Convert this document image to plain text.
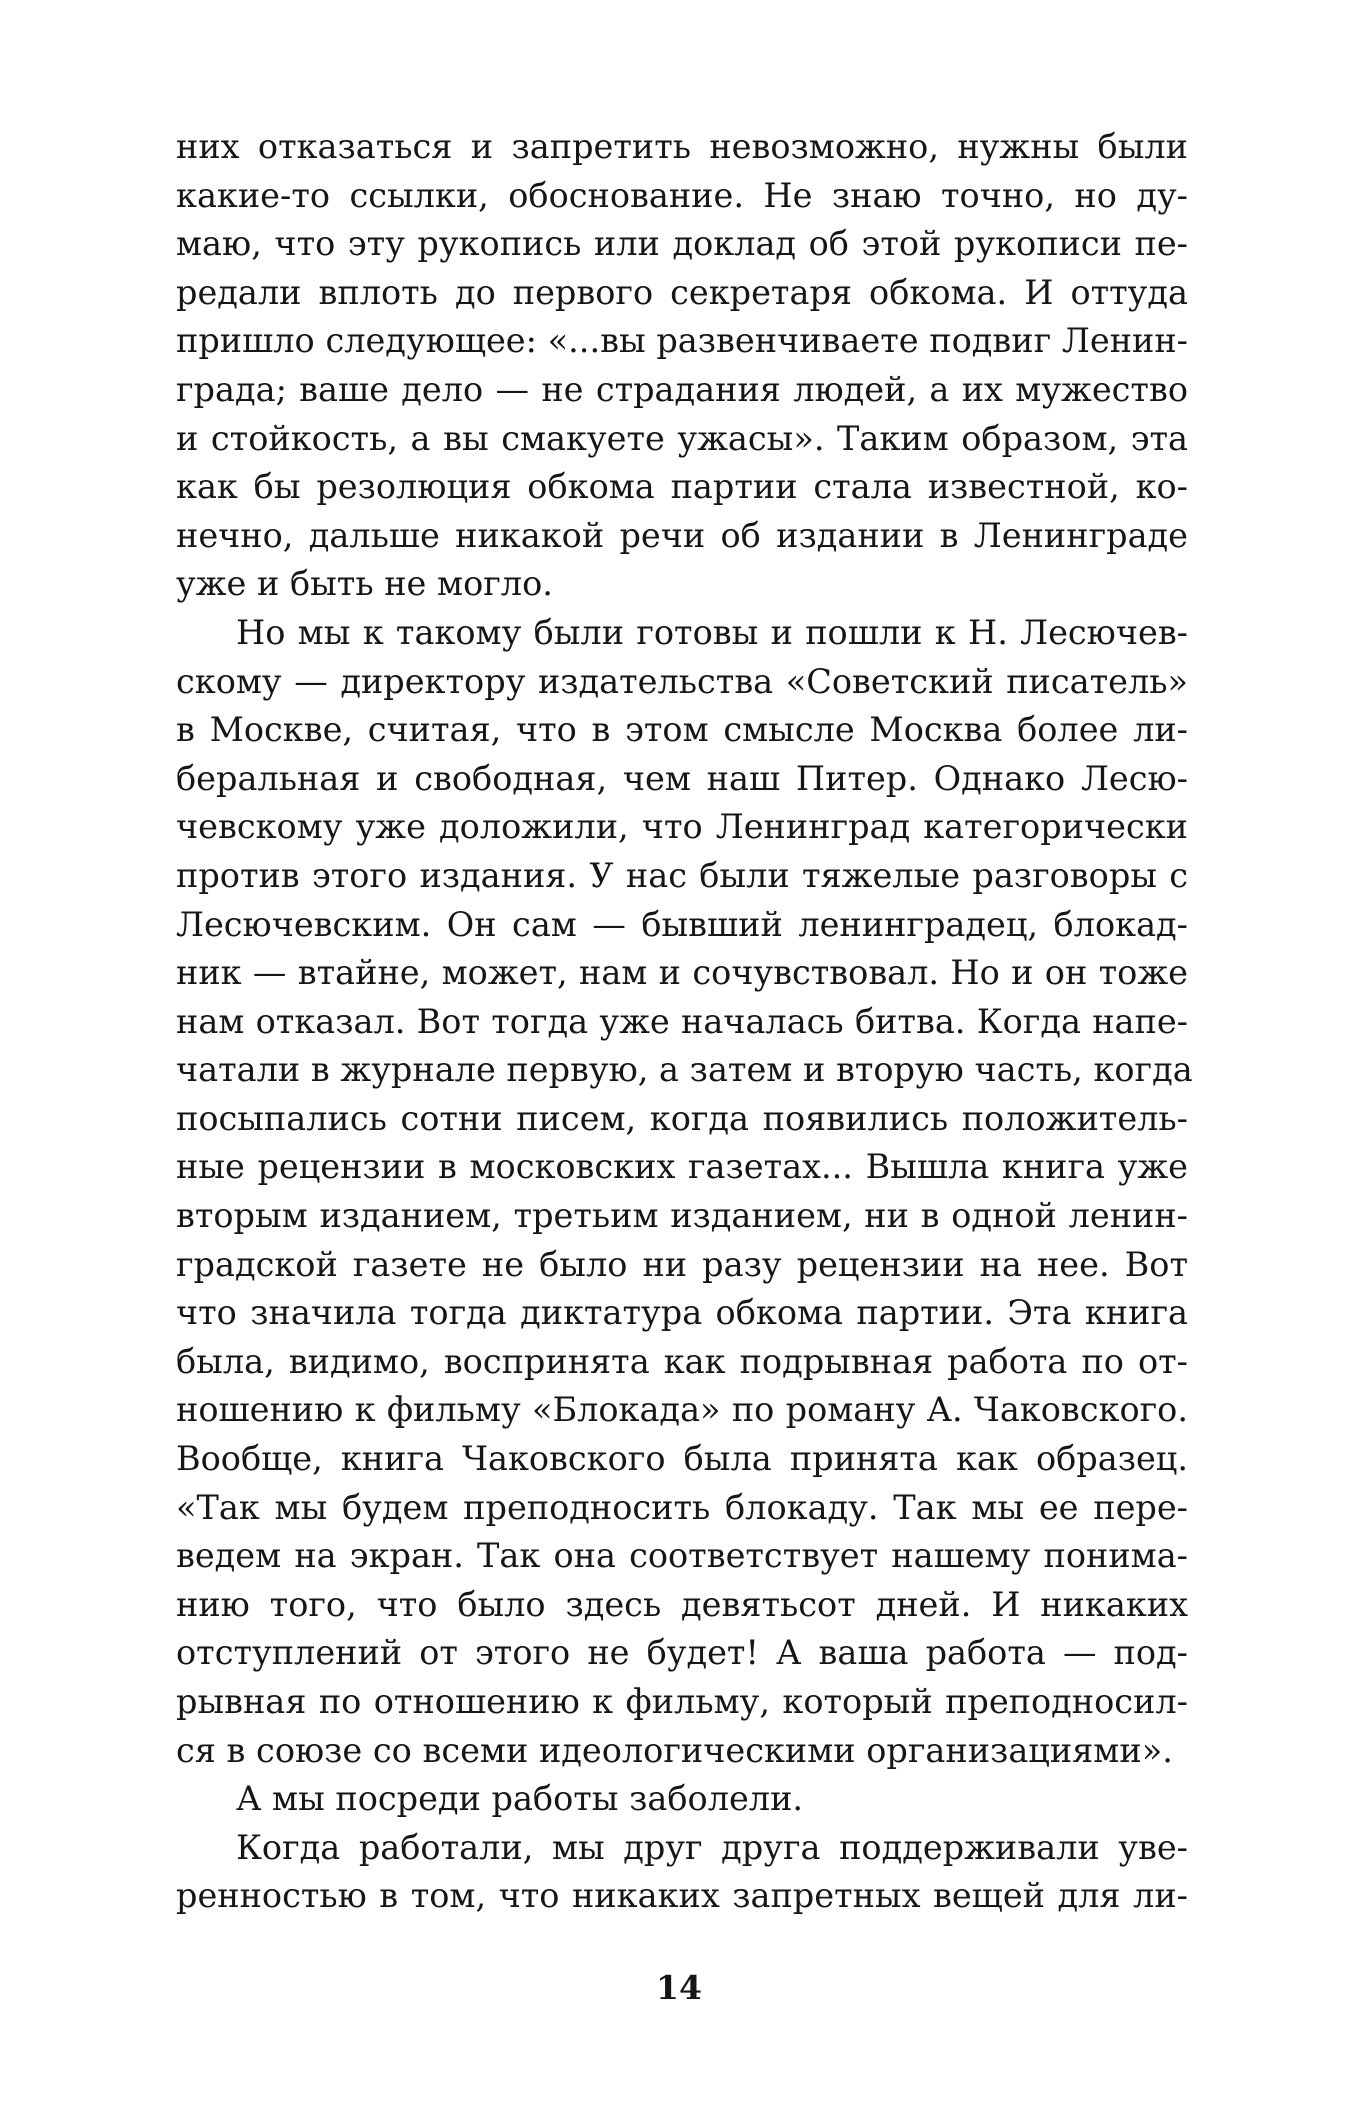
них отказаться и запретить невозможно, нужны были
какие-то ссылки, обоснование. Не знаю точно, но ду-
маю, что эту рукопись или доклад об этой рукописи пе-
редали вплоть до первого секретаря обкома. И оттуда
пришло следующее: «...вы развенчиваете подвиг Ленин-
града; ваше дело — не страдания людей, а их мужество
и стойкость, а вы смакуете ужасы». Таким образом, эта
как бы резолюция обкома партии стала известной, ко-
нечно, дальше никакой речи об издании в Ленинграде
уже и быть не могло.
Но мы к такому были готовы и пошли к Н. Лесючев-
скому — директору издательства «Советский писатель»
в Москве, считая, что в этом смысле Москва более ли-
беральная и свободная, чем наш Питер. Однако Лесю-
чевскому уже доложили, что Ленинград категорически
против этого издания. У нас были тяжелые разговоры с
Лесючевским. Он сам — бывший ленинградец, блокад-
ник — втайне, может, нам и сочувствовал. Но и он тоже
нам отказал. Вот тогда уже началась битва. Когда напе-
чатали в журнале первую, а затем и вторую часть, когда
посыпались сотни писем, когда появились положитель-
ные рецензии в московских газетах... Вышла книга уже
вторым изданием, третьим изданием, ни в одной ленин-
градской газете не было ни разу рецензии на нее. Вот
что значила тогда диктатура обкома партии. Эта книга
была, видимо, воспринята как подрывная работа по от-
ношению к фильму «Блокада» по роману А. Чаковского.
Вообще, книга Чаковского была принята как образец.
«Так мы будем преподносить блокаду. Так мы ее пере-
ведем на экран. Так она соответствует нашему понима-
нию того, что было здесь девятьсот дней. И никаких
отступлений от этого не будет! А ваша работа — под-
рывная по отношению к фильму, который преподносил-
ся в союзе со всеми идеологическими организациями».
А мы посреди работы заболели.
Когда работали, мы друг друга поддерживали уве-
ренностью в том, что никаких запретных вещей для ли-
14
